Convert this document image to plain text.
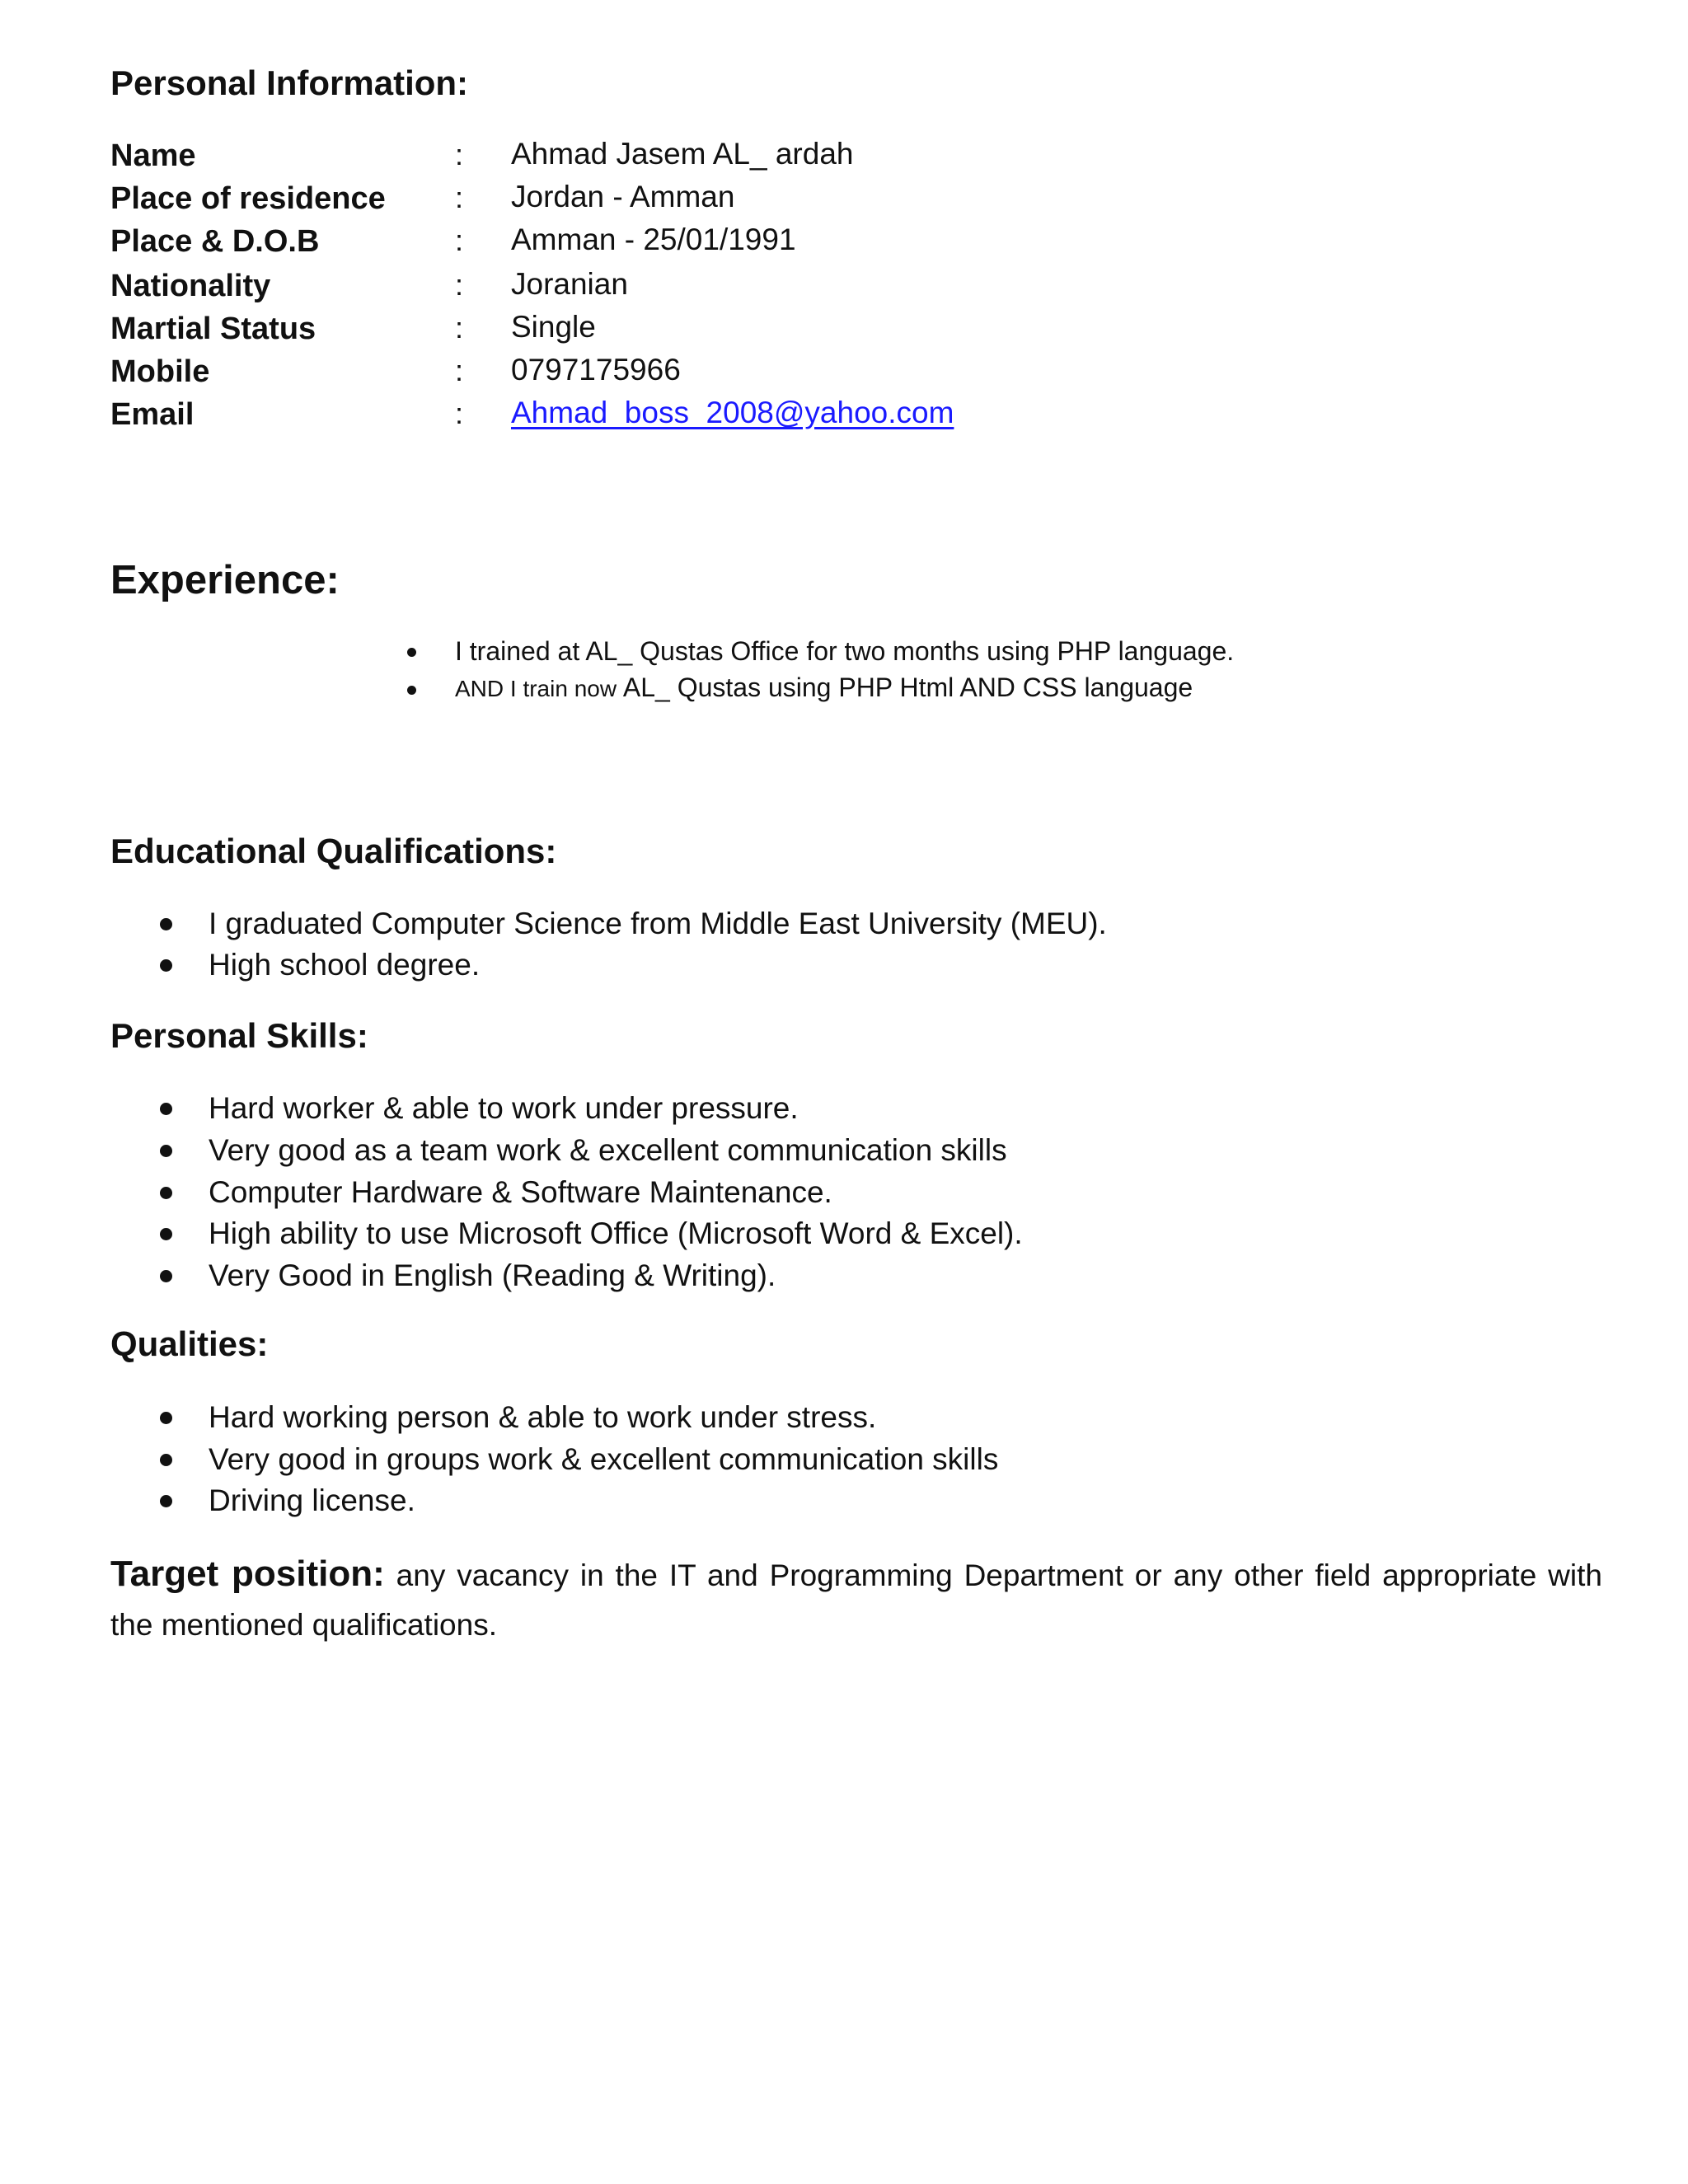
Personal Information:
Name	: Ahmad Jasem AL_ ardah
Place of residence : Jordan - Amman
Place & D.O.B	: Amman - 25/01/1991
Nationality	: Joranian
Martial Status	: Single
Mobile	: 0797175966
Email	: Ahmad_boss_2008@yahoo.com
Experience:
I trained at AL_ Qustas Office for two months using PHP language.
AND I train now AL_ Qustas using PHP Html AND CSS language
Educational Qualifications:
I graduated Computer Science from Middle East University (MEU).
High school degree.
Personal Skills:
Hard worker & able to work under pressure.
Very good as a team work & excellent communication skills
Computer Hardware & Software Maintenance.
High ability to use Microsoft Office (Microsoft Word & Excel).
Very Good in English (Reading & Writing).
Qualities:
Hard working person & able to work under stress.
Very good in groups work & excellent communication skills
Driving license.
Target position: any vacancy in the IT and Programming Department or any other field appropriate with the mentioned qualifications.
